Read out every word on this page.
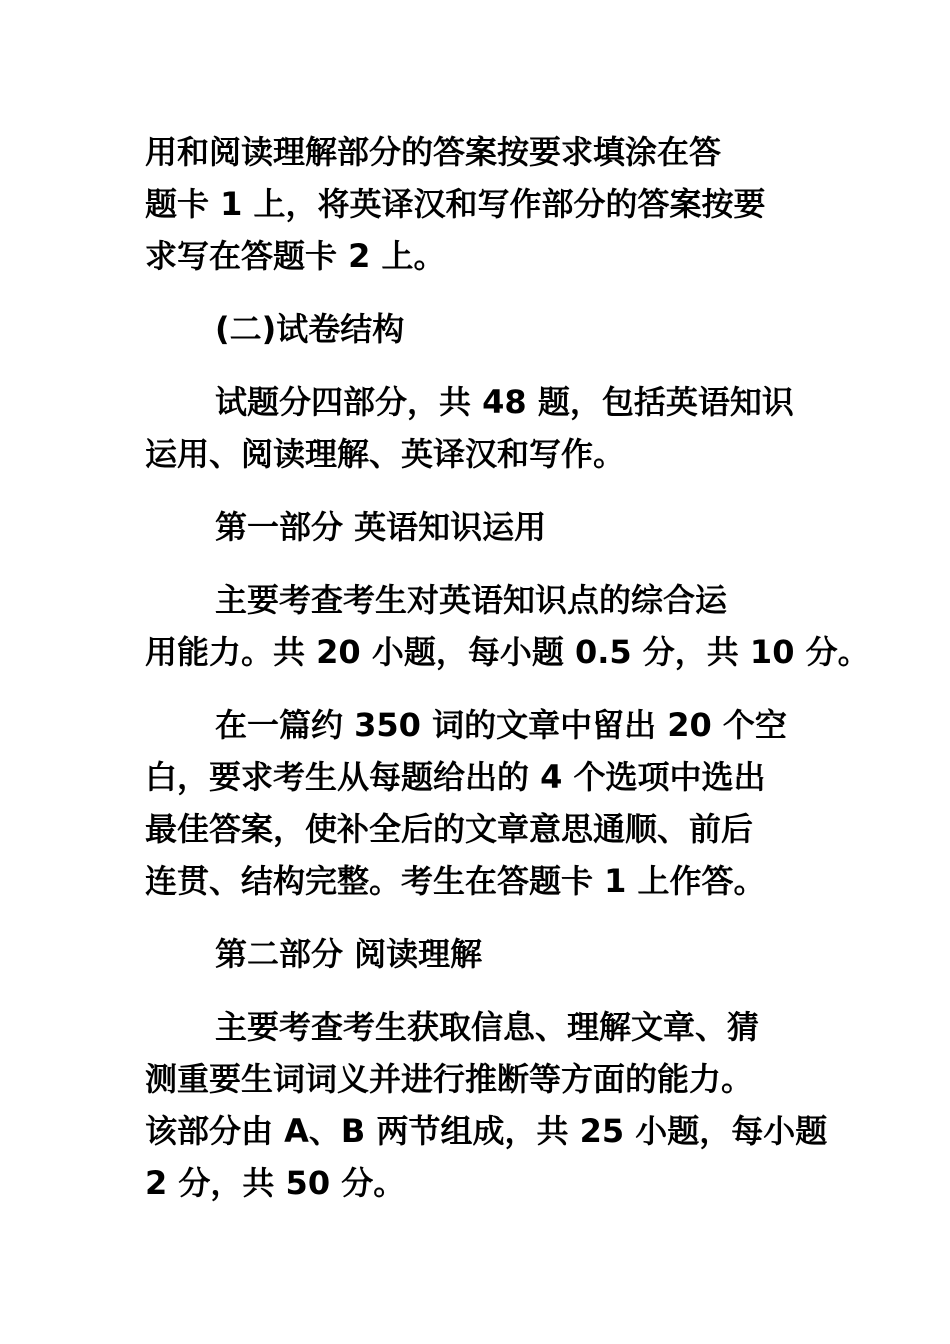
用和阅读理解部分的答案按要求填涂在答
题卡 1 上，将英译汉和写作部分的答案按要
求写在答题卡 2 上。
(二)试卷结构
试题分四部分，共 48 题，包括英语知识
运用、阅读理解、英译汉和写作。
第一部分 英语知识运用
主要考查考生对英语知识点的综合运
用能力。共 20 小题，每小题 0.5 分，共 10 分。
在一篇约 350 词的文章中留出 20 个空
白，要求考生从每题给出的 4 个选项中选出
最佳答案，使补全后的文章意思通顺、前后
连贯、结构完整。考生在答题卡 1 上作答。
第二部分 阅读理解
主要考查考生获取信息、理解文章、猜
测重要生词词义并进行推断等方面的能力。
该部分由 A、B 两节组成，共 25 小题，每小题
2 分，共 50 分。
